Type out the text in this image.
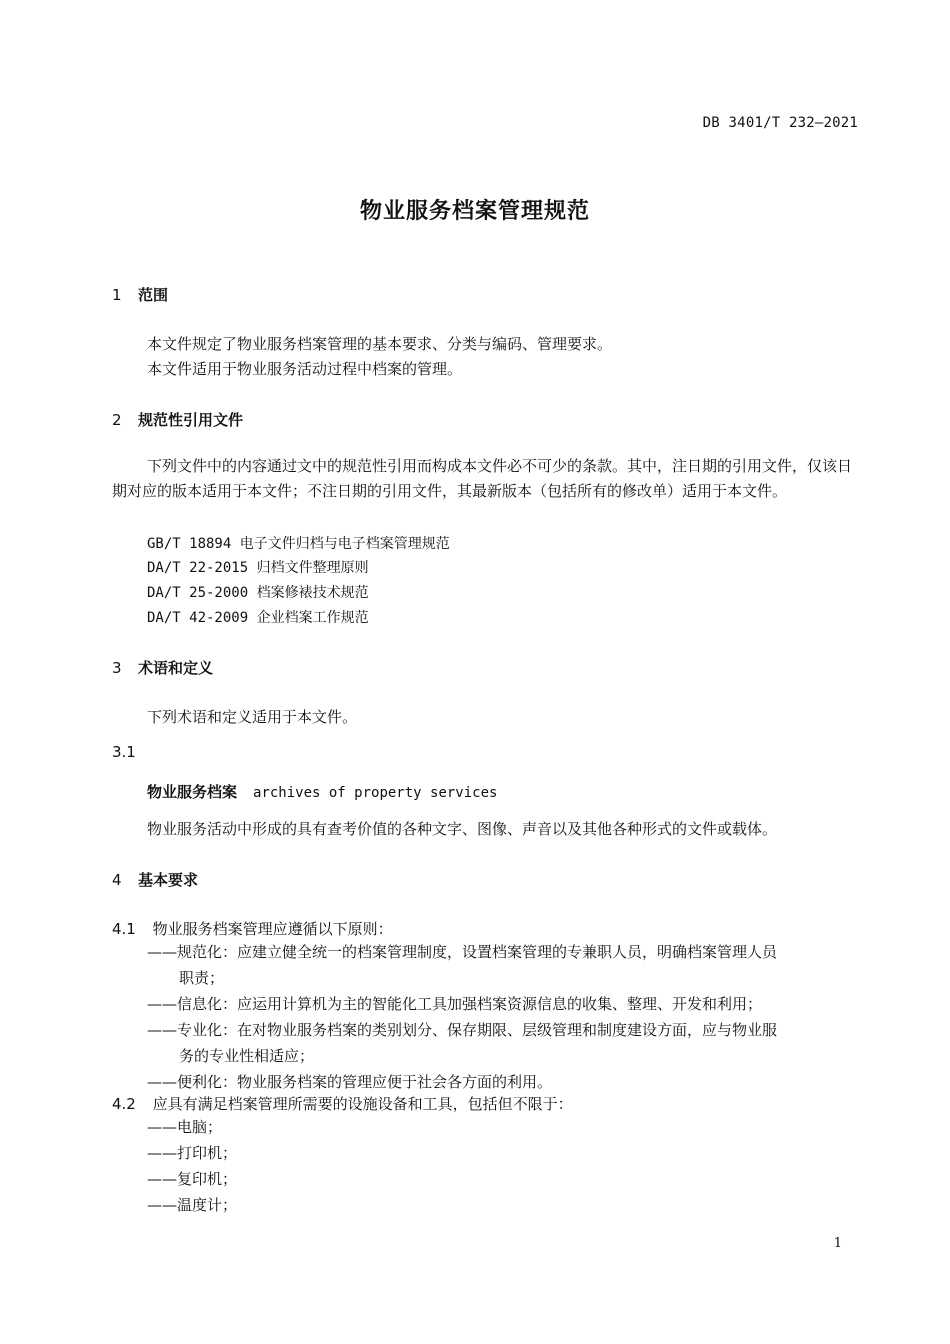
DB 3401/T 232—2021
物业服务档案管理规范
1 范围
本文件规定了物业服务档案管理的基本要求、分类与编码、管理要求。
本文件适用于物业服务活动过程中档案的管理。
2 规范性引用文件
下列文件中的内容通过文中的规范性引用而构成本文件必不可少的条款。其中，注日期的引用文件，仅该日期对应的版本适用于本文件；不注日期的引用文件，其最新版本（包括所有的修改单）适用于本文件。
GB/T 18894 电子文件归档与电子档案管理规范
DA/T 22-2015 归档文件整理原则
DA/T 25-2000 档案修裱技术规范
DA/T 42-2009 企业档案工作规范
3 术语和定义
下列术语和定义适用于本文件。
3.1
物业服务档案 archives of property services
物业服务活动中形成的具有查考价值的各种文字、图像、声音以及其他各种形式的文件或载体。
4 基本要求
4.1 物业服务档案管理应遵循以下原则：
——规范化：应建立健全统一的档案管理制度，设置档案管理的专兼职人员，明确档案管理人员
职责；
——信息化：应运用计算机为主的智能化工具加强档案资源信息的收集、整理、开发和利用；
——专业化：在对物业服务档案的类别划分、保存期限、层级管理和制度建设方面，应与物业服
务的专业性相适应；
——便利化：物业服务档案的管理应便于社会各方面的利用。
4.2 应具有满足档案管理所需要的设施设备和工具，包括但不限于：
——电脑；
——打印机；
——复印机；
——温度计；
1
